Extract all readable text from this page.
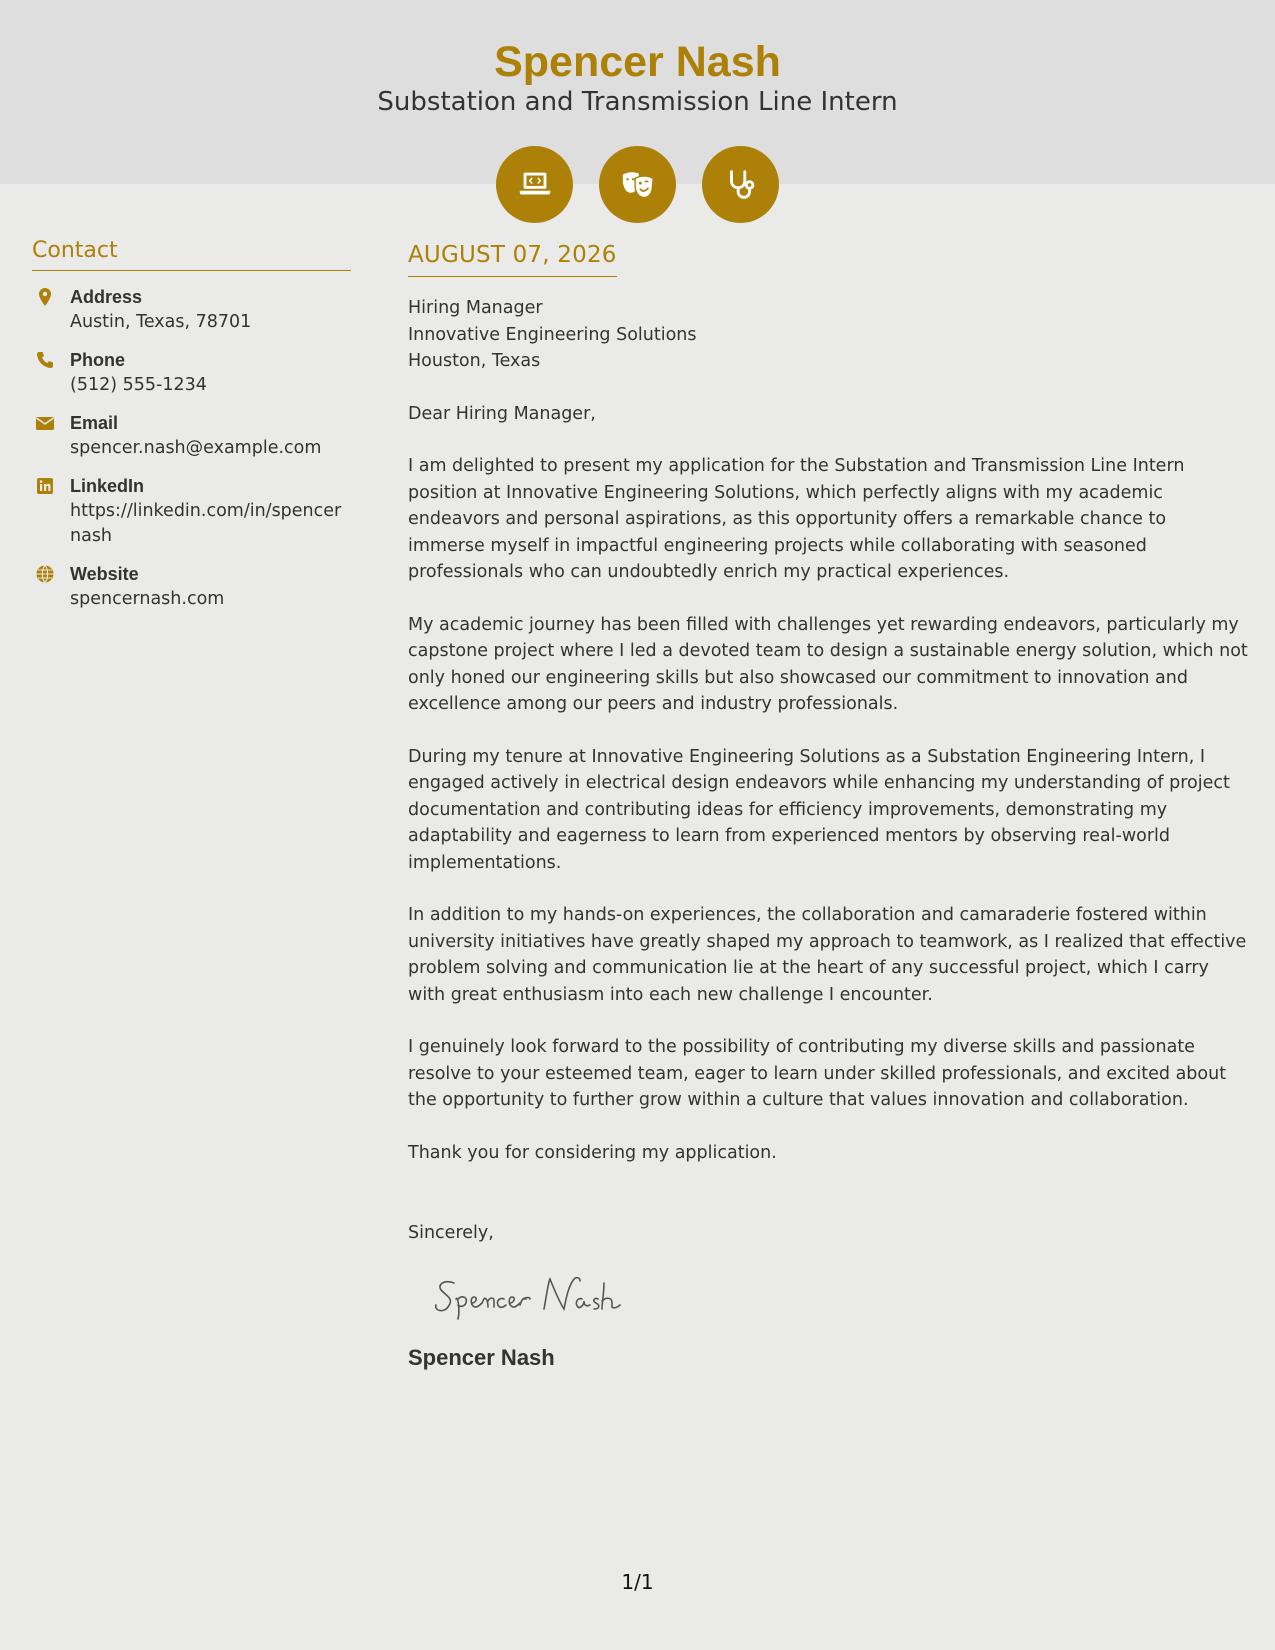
Spencer Nash
Substation and Transmission Line Intern
Contact
Address
Austin, Texas, 78701
Phone
(512) 555-1234
Email
spencer.nash@example.com
LinkedIn
https://linkedin.com/in/spencernash
Website
spencernash.com
AUGUST 07, 2026
Hiring Manager
Innovative Engineering Solutions
Houston, Texas
Dear Hiring Manager,
I am delighted to present my application for the Substation and Transmission Line Intern position at Innovative Engineering Solutions, which perfectly aligns with my academic endeavors and personal aspirations, as this opportunity offers a remarkable chance to immerse myself in impactful engineering projects while collaborating with seasoned professionals who can undoubtedly enrich my practical experiences.
My academic journey has been filled with challenges yet rewarding endeavors, particularly my capstone project where I led a devoted team to design a sustainable energy solution, which not only honed our engineering skills but also showcased our commitment to innovation and excellence among our peers and industry professionals.
During my tenure at Innovative Engineering Solutions as a Substation Engineering Intern, I engaged actively in electrical design endeavors while enhancing my understanding of project documentation and contributing ideas for efficiency improvements, demonstrating my adaptability and eagerness to learn from experienced mentors by observing real-world implementations.
In addition to my hands-on experiences, the collaboration and camaraderie fostered within university initiatives have greatly shaped my approach to teamwork, as I realized that effective problem solving and communication lie at the heart of any successful project, which I carry with great enthusiasm into each new challenge I encounter.
I genuinely look forward to the possibility of contributing my diverse skills and passionate resolve to your esteemed team, eager to learn under skilled professionals, and excited about the opportunity to further grow within a culture that values innovation and collaboration.
Thank you for considering my application.
Sincerely,
Spencer Nash
1/1
